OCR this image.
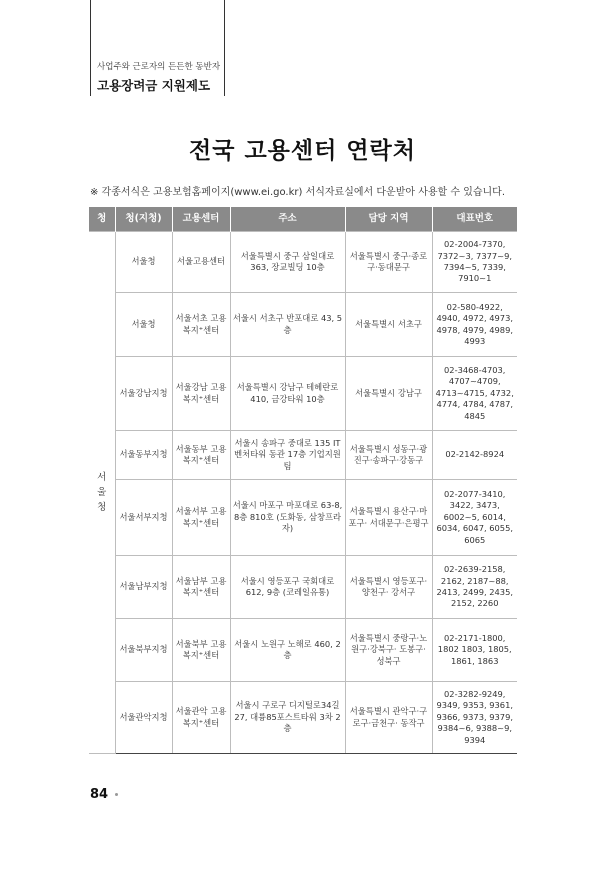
사업주와 근로자의 든든한 동반자
고용장려금 지원제도
전국 고용센터 연락처
※ 각종서식은 고용보험홈페이지(www.ei.go.kr) 서식자료실에서 다운받아 사용할 수 있습니다.
청	청(지청)	고용센터	주소	담당 지역	대표번호

서
울
청	서울청	서울고용센터	서울특별시 중구 삼일대로 363, 장교빌딩 10층	서울특별시 중구·종로구·동대문구	02-2004-7370, 7372~3, 7377~9, 7394~5, 7339, 7910~1
	서울청	서울서초 고용복지⁺센터	서울시 서초구 반포대로 43, 5층	서울특별시 서초구	02-580-4922, 4940, 4972, 4973, 4978, 4979, 4989, 4993
	서울강남지청	서울강남 고용복지⁺센터	서울특별시 강남구 테헤란로 410, 금강타워 10층	서울특별시 강남구	02-3468-4703, 4707~4709, 4713~4715, 4732, 4774, 4784, 4787, 4845
	서울동부지청	서울동부 고용복지⁺센터	서울시 송파구 중대로 135 IT벤처타워 동관 17층 기업지원팀	서울특별시 성동구·광진구·송파구·강동구	02-2142-8924
	서울서부지청	서울서부 고용복지⁺센터	서울시 마포구 마포대로 63-8, 8층 810호 (도화동, 삼창프라자)	서울특별시 용산구·마포구· 서대문구·은평구	02-2077-3410, 3422, 3473, 6002~5, 6014, 6034, 6047, 6055, 6065
	서울남부지청	서울남부 고용복지⁺센터	서울시 영등포구 국회대로 612, 9층 (코레일유통)	서울특별시 영등포구·양천구· 강서구	02-2639-2158, 2162, 2187~88, 2413, 2499, 2435, 2152, 2260
	서울북부지청	서울북부 고용복지⁺센터	서울시 노원구 노해로 460, 2층	서울특별시 중랑구·노원구·강북구· 도봉구·성북구	02-2171-1800, 1802 1803, 1805, 1861, 1863
	서울관악지청	서울관악 고용복지⁺센터	서울시 구로구 디지털로34길 27, 대륭85포스트타워 3차 2층	서울특별시 관악구·구로구·금천구· 동작구	02-3282-9249, 9349, 9353, 9361, 9366, 9373, 9379, 9384~6, 9388~9, 9394
84
